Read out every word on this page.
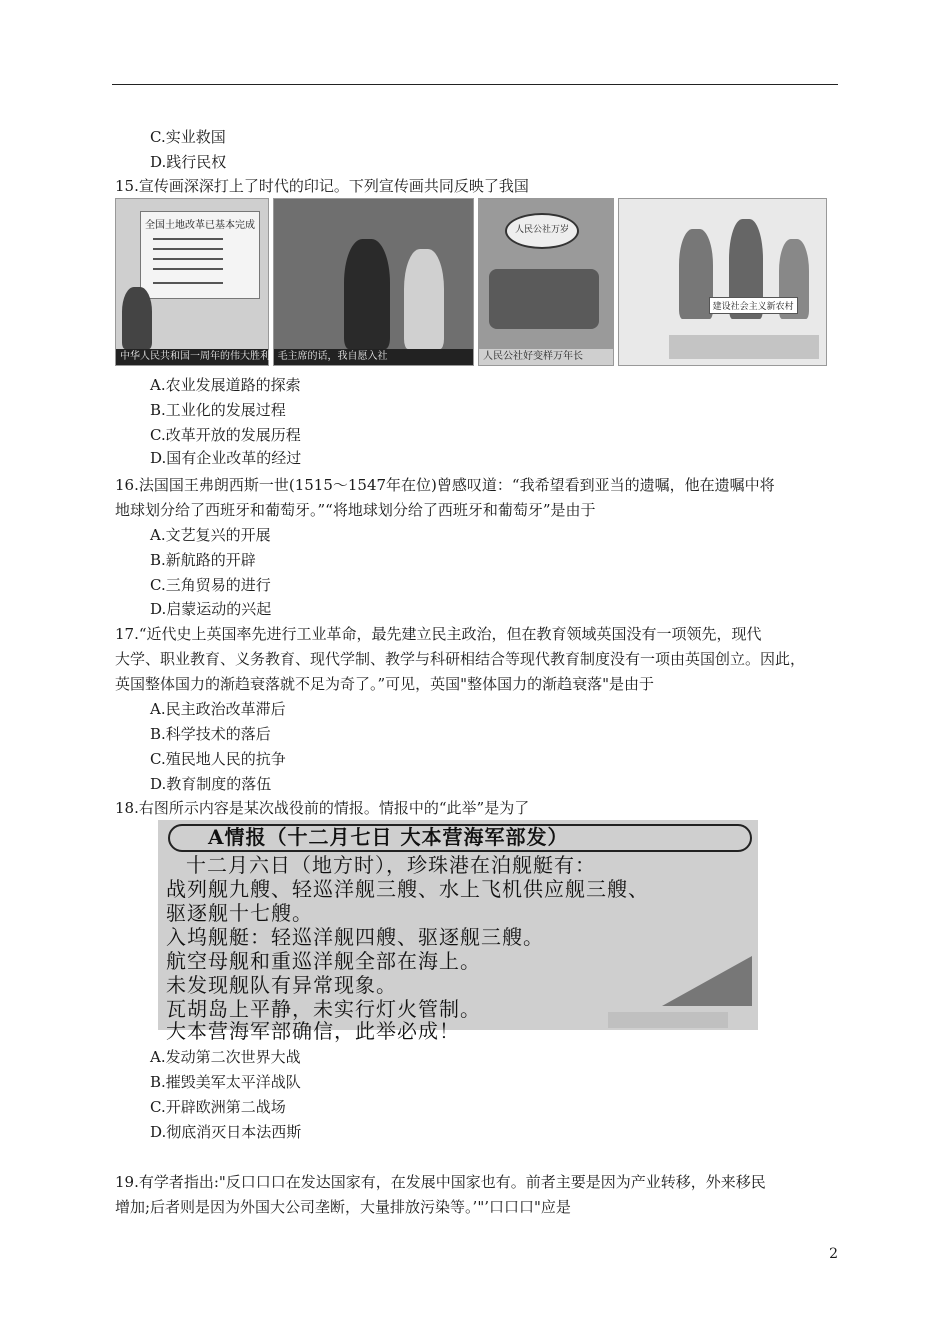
C.实业救国
D.践行民权
15.宣传画深深打上了时代的印记。下列宣传画共同反映了我国
全国土地改革已基本完成
中华人民共和国一周年的伟大胜利 毛主席的话，我自愿入社
人民公社万岁
人民公社好变样万年长
建设社会主义新农村
A.农业发展道路的探索
B.工业化的发展过程
C.改革开放的发展历程
D.国有企业改革的经过
16.法国国王弗朗西斯一世(1515～1547年在位)曾感叹道：“我希望看到亚当的遗嘱，他在遗嘱中将
地球划分给了西班牙和葡萄牙。”“将地球划分给了西班牙和葡萄牙”是由于
A.文艺复兴的开展
B.新航路的开辟
C.三角贸易的进行
D.启蒙运动的兴起
17.“近代史上英国率先进行工业革命，最先建立民主政治，但在教育领域英国没有一项领先，现代
大学、职业教育、义务教育、现代学制、教学与科研相结合等现代教育制度没有一项由英国创立。因此，
英国整体国力的渐趋衰落就不足为奇了。”可见，英国"整体国力的渐趋衰落"是由于
A.民主政治改革滞后
B.科学技术的落后
C.殖民地人民的抗争
D.教育制度的落伍
18.右图所示内容是某次战役前的情报。情报中的“此举”是为了
A情报（十二月七日 大本营海军部发）
十二月六日（地方时），珍珠港在泊舰艇有：
战列舰九艘、轻巡洋舰三艘、水上飞机供应舰三艘、
驱逐舰十七艘。
入坞舰艇：轻巡洋舰四艘、驱逐舰三艘。
航空母舰和重巡洋舰全部在海上。
未发现舰队有异常现象。
瓦胡岛上平静，未实行灯火管制。
大本营海军部确信，此举必成！
A.发动第二次世界大战
B.摧毁美军太平洋战队
C.开辟欧洲第二战场
D.彻底消灭日本法西斯
19.有学者指出:"反口口口在发达国家有，在发展中国家也有。前者主要是因为产业转移，外来移民
增加;后者则是因为外国大公司垄断，大量排放污染等。’"’口口口"应是
2
